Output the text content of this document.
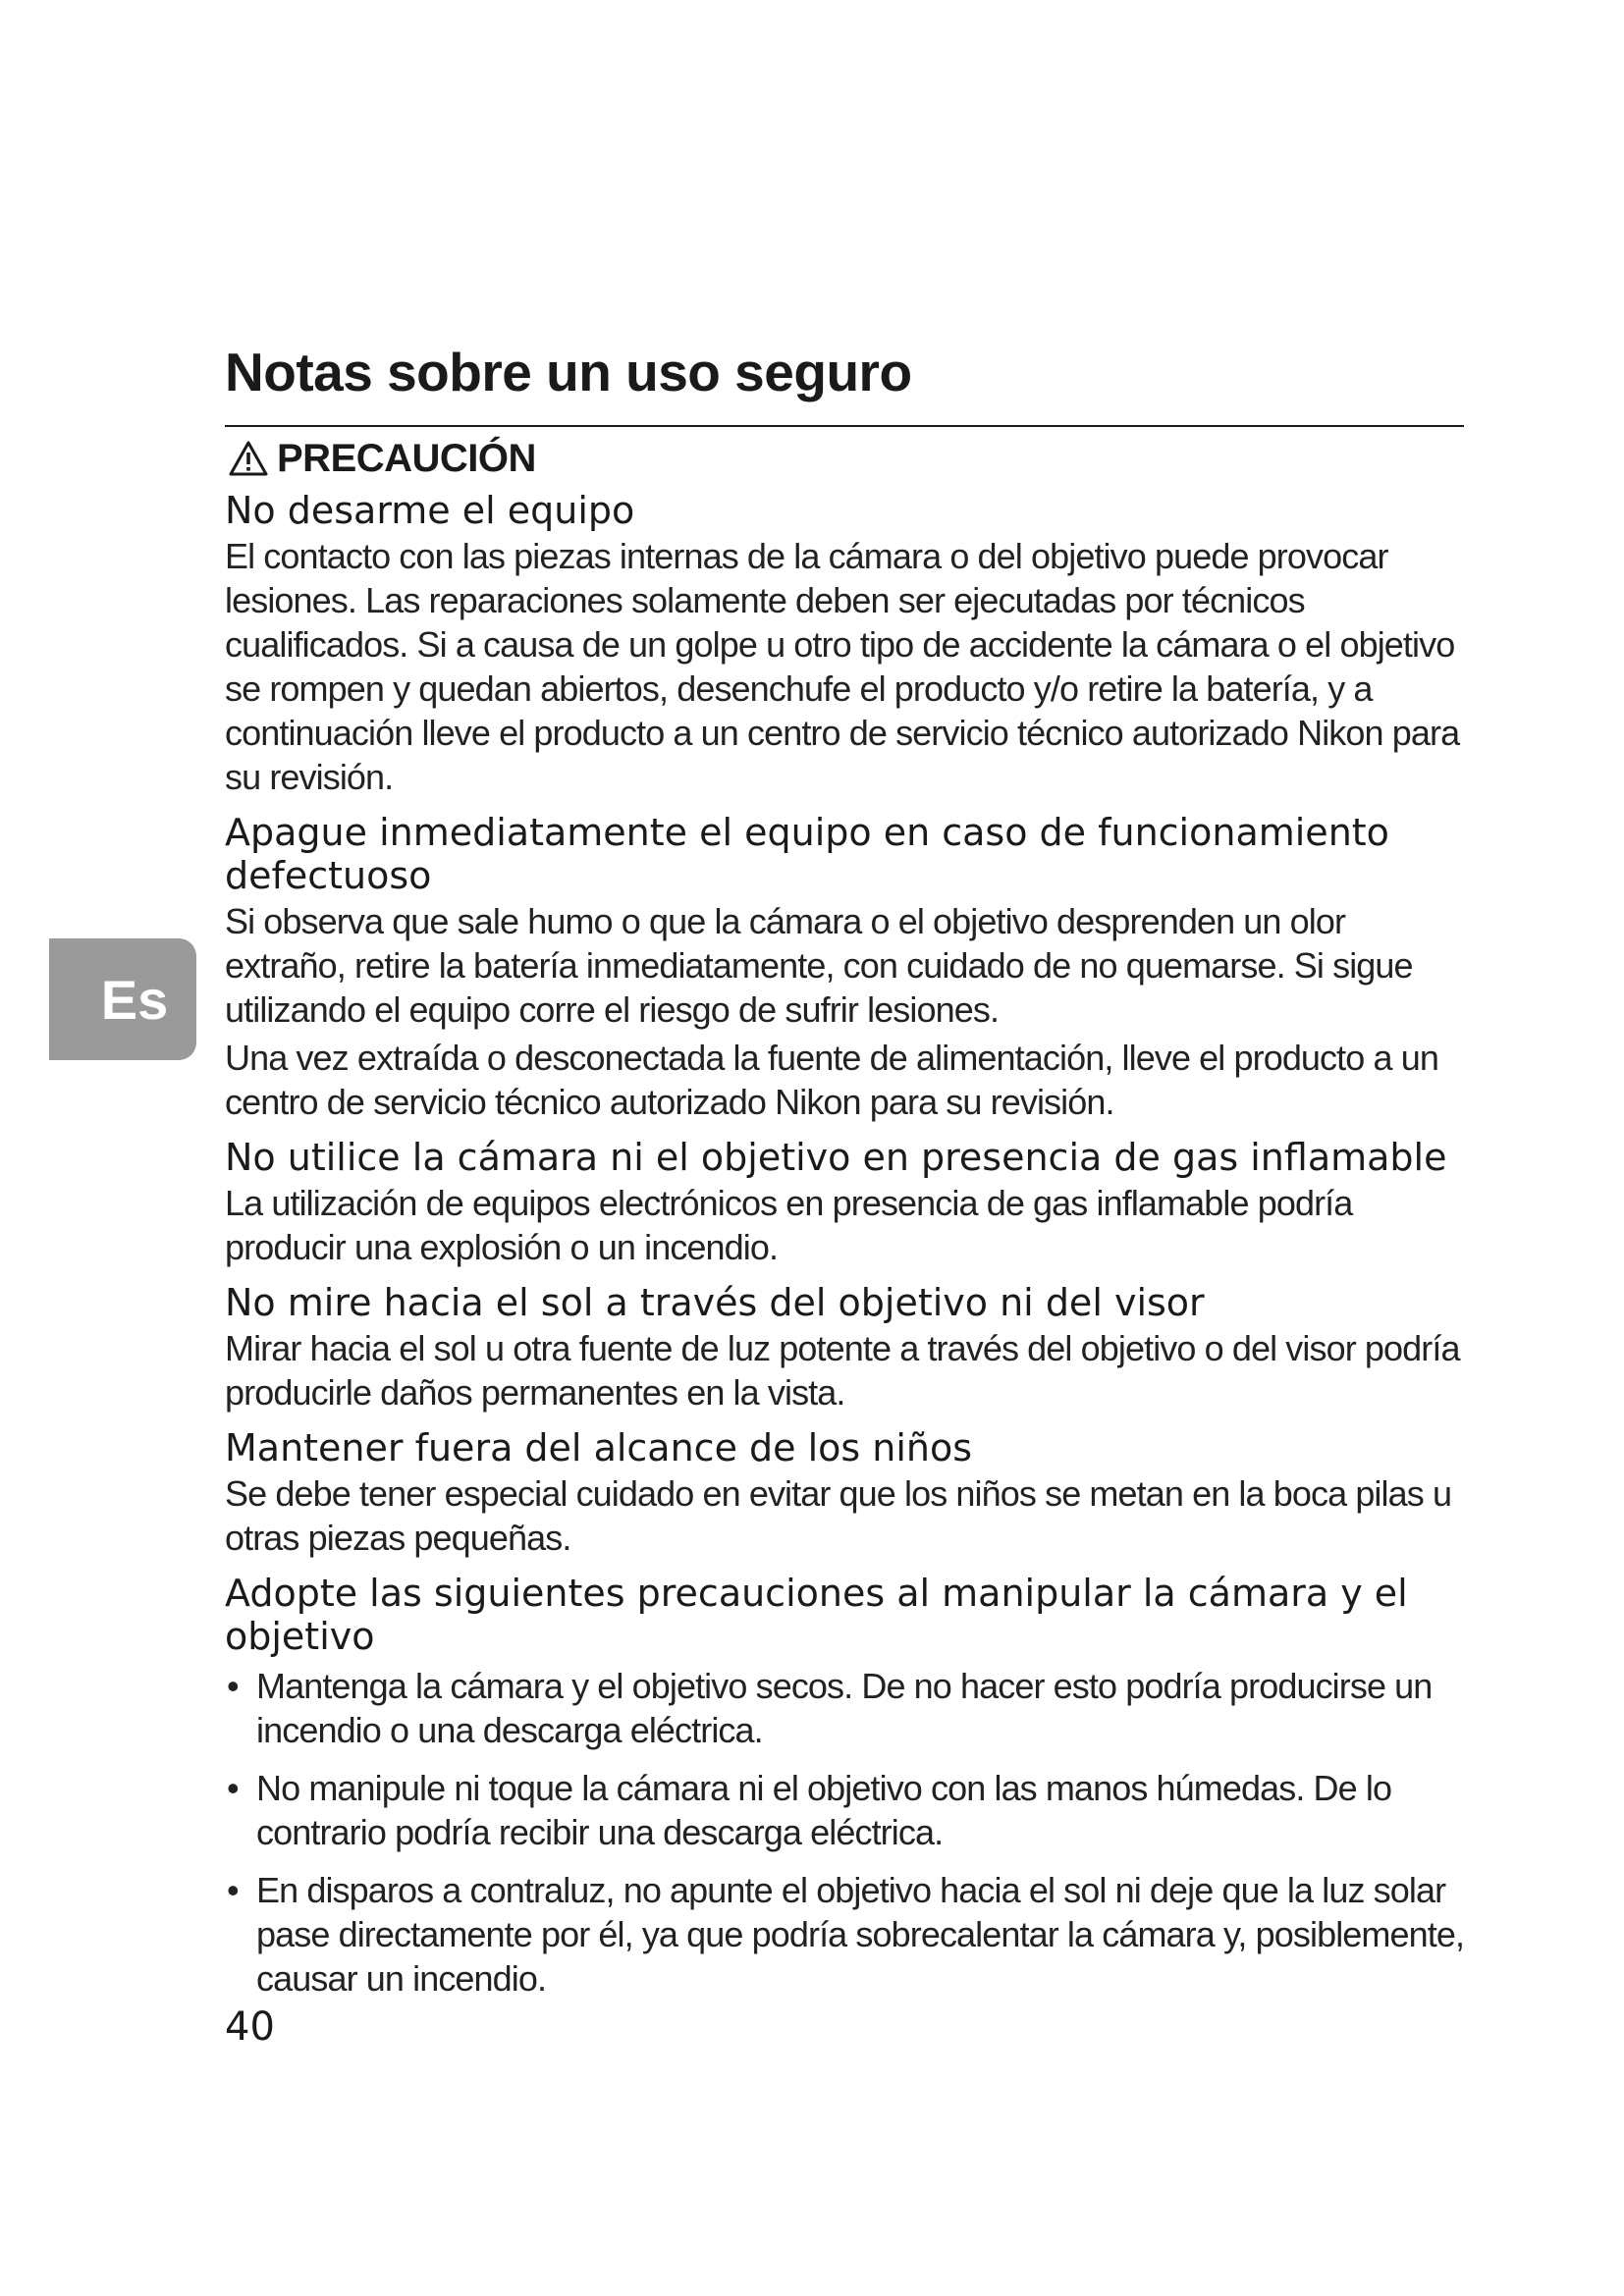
Es
Notas sobre un uso seguro
PRECAUCIÓN
No desarme el equipo
El contacto con las piezas internas de la cámara o del objetivo puede provocar lesiones. Las reparaciones solamente deben ser ejecutadas por técnicos cualificados. Si a causa de un golpe u otro tipo de accidente la cámara o el objetivo se rompen y quedan abiertos, desenchufe el producto y/o retire la batería, y a continuación lleve el producto a un centro de servicio técnico autorizado Nikon para su revisión.
Apague inmediatamente el equipo en caso de funcionamiento defectuoso
Si observa que sale humo o que la cámara o el objetivo desprenden un olor extraño, retire la batería inmediatamente, con cuidado de no quemarse. Si sigue utilizando el equipo corre el riesgo de sufrir lesiones.
Una vez extraída o desconectada la fuente de alimentación, lleve el producto a un centro de servicio técnico autorizado Nikon para su revisión.
No utilice la cámara ni el objetivo en presencia de gas inflamable
La utilización de equipos electrónicos en presencia de gas inflamable podría producir una explosión o un incendio.
No mire hacia el sol a través del objetivo ni del visor
Mirar hacia el sol u otra fuente de luz potente a través del objetivo o del visor podría producirle daños permanentes en la vista.
Mantener fuera del alcance de los niños
Se debe tener especial cuidado en evitar que los niños se metan en la boca pilas u otras piezas pequeñas.
Adopte las siguientes precauciones al manipular la cámara y el objetivo
• Mantenga la cámara y el objetivo secos. De no hacer esto podría producirse un incendio o una descarga eléctrica.
• No manipule ni toque la cámara ni el objetivo con las manos húmedas. De lo contrario podría recibir una descarga eléctrica.
• En disparos a contraluz, no apunte el objetivo hacia el sol ni deje que la luz solar pase directamente por él, ya que podría sobrecalentar la cámara y, posiblemente, causar un incendio.
40
